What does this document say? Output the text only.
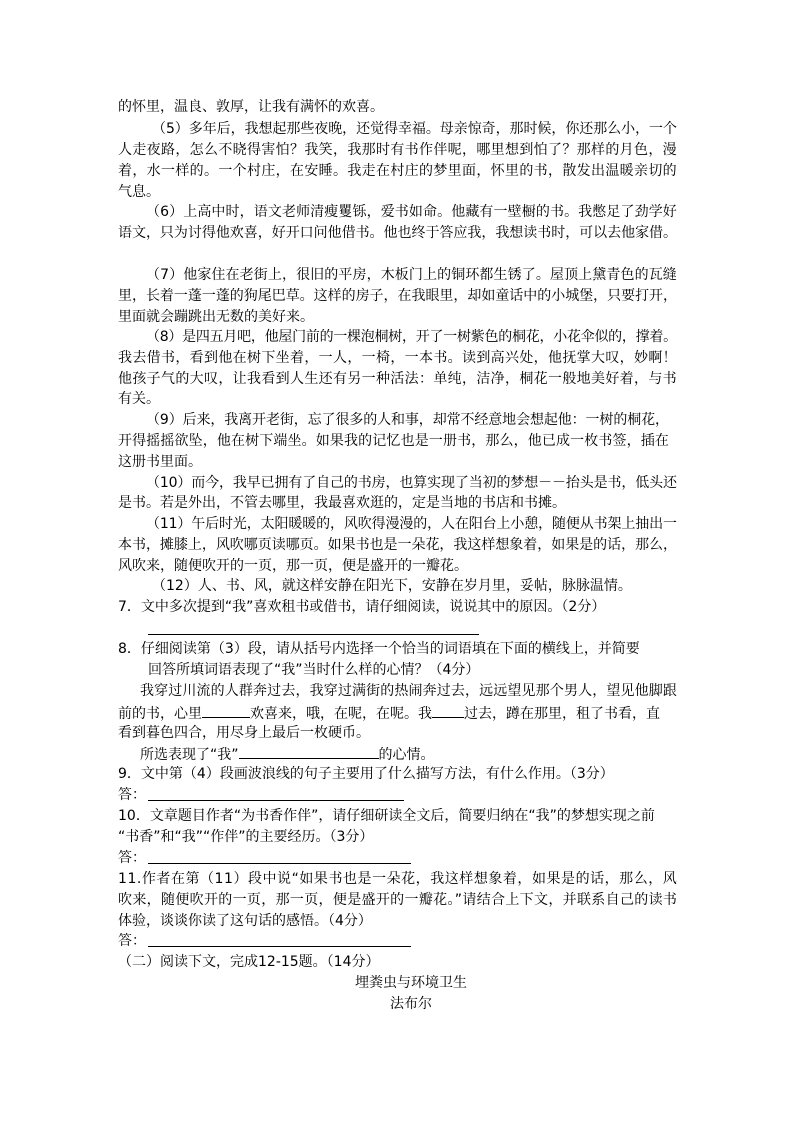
的怀里，温良、敦厚，让我有满怀的欢喜。
（5）多年后，我想起那些夜晚，还觉得幸福。母亲惊奇，那时候，你还那么小，一个
人走夜路，怎么不晓得害怕？我笑，我那时有书作伴呢，哪里想到怕了？那样的月色，漫
着，水一样的。一个村庄，在安睡。我走在村庄的梦里面，怀里的书，散发出温暖亲切的
气息。
（6）上高中时，语文老师清瘦矍铄，爱书如命。他藏有一壁橱的书。我憋足了劲学好
语文，只为讨得他欢喜，好开口问他借书。他也终于答应我，我想读书时，可以去他家借。
（7）他家住在老街上，很旧的平房，木板门上的铜环都生锈了。屋顶上黛青色的瓦缝
里，长着一蓬一蓬的狗尾巴草。这样的房子，在我眼里，却如童话中的小城堡，只要打开，
里面就会蹦跳出无数的美好来。
（8）是四五月吧，他屋门前的一棵泡桐树，开了一树紫色的桐花，小花伞似的，撑着。
我去借书，看到他在树下坐着，一人，一椅，一本书。读到高兴处，他抚掌大叹，妙啊！
他孩子气的大叹，让我看到人生还有另一种活法：单纯，洁净，桐花一般地美好着，与书
有关。
（9）后来，我离开老街，忘了很多的人和事，却常不经意地会想起他：一树的桐花，
开得摇摇欲坠，他在树下端坐。如果我的记忆也是一册书，那么，他已成一枚书签，插在
这册书里面。
（10）而今，我早已拥有了自己的书房，也算实现了当初的梦想－－抬头是书，低头还
是书。若是外出，不管去哪里，我最喜欢逛的，定是当地的书店和书摊。
（11）午后时光，太阳暖暖的，风吹得漫漫的，人在阳台上小憩，随便从书架上抽出一
本书，摊膝上，风吹哪页读哪页。如果书也是一朵花，我这样想象着，如果是的话，那么，
风吹来，随便吹开的一页，那一页，便是盛开的一瓣花。
（12）人、书、风，就这样安静在阳光下，安静在岁月里，妥帖，脉脉温情。
7．文中多次提到“我”喜欢租书或借书，请仔细阅读，说说其中的原因。（2分）
8．仔细阅读第（3）段，请从括号内选择一个恰当的词语填在下面的横线上，并简要
回答所填词语表现了“我”当时什么样的心情？（4分）
我穿过川流的人群奔过去，我穿过满街的热闹奔过去，远远望见那个男人，望见他脚跟
前的书，心里	欢喜来，哦，在呢，在呢。我 过去，蹲在那里，租了书看，直
看到暮色四合，用尽身上最后一枚硬币。
所选表现了“我”	的心情。
9．文中第（4）段画波浪线的句子主要用了什么描写方法，有什么作用。（3分）
答：
10．文章题目作者“为书香作伴”，请仔细研读全文后，简要归纳在“我”的梦想实现之前
“书香”和“我”“作伴”的主要经历。（3分）
答：
11.作者在第（11）段中说“如果书也是一朵花，我这样想象着，如果是的话，那么，风
吹来，随便吹开的一页，那一页，便是盛开的一瓣花。”请结合上下文，并联系自己的读书
体验，谈谈你读了这句话的感悟。（4分）
答：
（二）阅读下文，完成12-15题。（14分）
埋粪虫与环境卫生
法布尔
